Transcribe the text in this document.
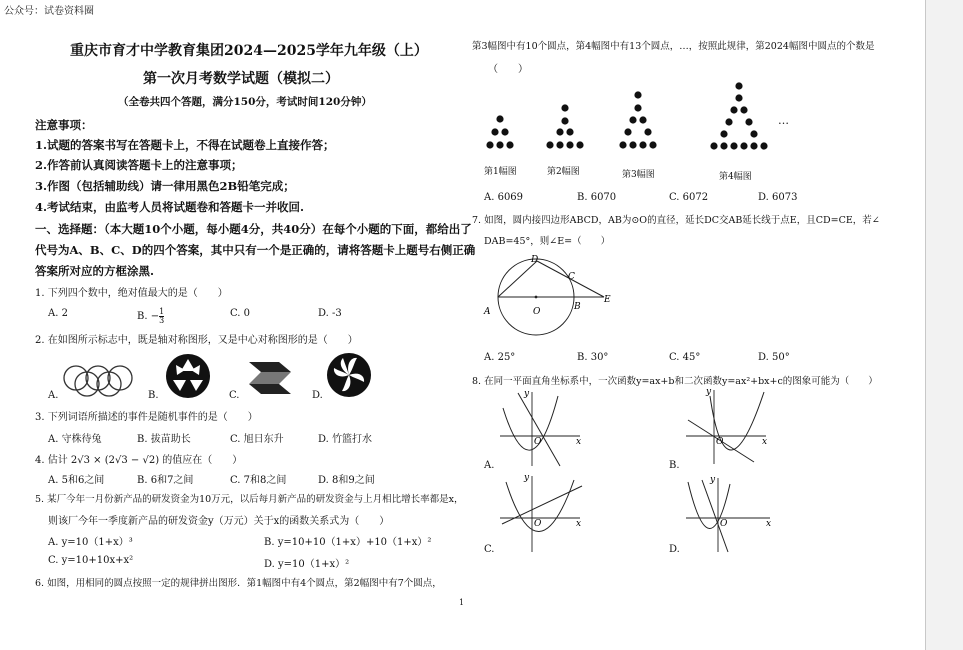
公众号：试卷资料圈
重庆市育才中学教育集团2024—2025学年九年级（上）
第一次月考数学试题（模拟二）
（全卷共四个答题，满分150分，考试时间120分钟）
注意事项：
1.试题的答案书写在答题卡上，不得在试题卷上直接作答；
2.作答前认真阅读答题卡上的注意事项；
3.作图（包括辅助线）请一律用黑色2B铅笔完成；
4.考试结束，由监考人员将试题卷和答题卡一并收回.
一、选择题：（本大题10个小题，每小题4分，共40分）在每个小题的下面，都给出了
代号为A、B、C、D的四个答案，其中只有一个是正确的，请将答题卡上题号右侧正确
答案所对应的方框涂黑.
1. 下列四个数中，绝对值最大的是（　　）
A. 2	B. − $\frac{1}{3}$	C. 0	D. -3
2. 在如图所示标志中，既是轴对称图形，又是中心对称图形的是（　　）
A.	B.	C.	D.
3. 下列词语所描述的事件是随机事件的是（　　）
A. 守株待兔	B. 拔苗助长	C. 旭日东升	D. 竹篮打水
4. 估计 2√3 × (2√3 − √2) 的值应在（　　）
A. 5和6之间	B. 6和7之间	C. 7和8之间	D. 8和9之间
5. 某厂今年一月份新产品的研发资金为10万元，以后每月新产品的研发资金与上月相比增长率都是x，
则该厂今年一季度新产品的研发资金y（万元）关于x的函数关系式为（　　）
A. y=10（1+x）³	B. y=10+10（1+x）+10（1+x）²
C. y=10+10x+x²	D. y=10（1+x）²
6. 如图，用相同的圆点按照一定的规律拼出图形．第1幅图中有4个圆点，第2幅图中有7个圆点，
第3幅图中有10个圆点，第4幅图中有13个圆点，…，按照此规律，第2024幅图中圆点的个数是
（　　）
…
第1幅图	第2幅图	第3幅图	第4幅图
A. 6069	B. 6070	C. 6072	D. 6073
7. 如图，圆内接四边形ABCD，AB为⊙O的直径，延长DC交AB延长线于点E，且CD=CE，若∠
DAB=45°，则∠E=（　　）
A	B
C
D
E
O
A. 25°	B. 30°	C. 45°	D. 50°
8. 在同一平面直角坐标系中，一次函数y=ax+b和二次函数y=ax²+bx+c的图象可能为（　　）
y
x
O
A.
y
x
O
B.
y
x
O
C.
y
x
O
D.
1
